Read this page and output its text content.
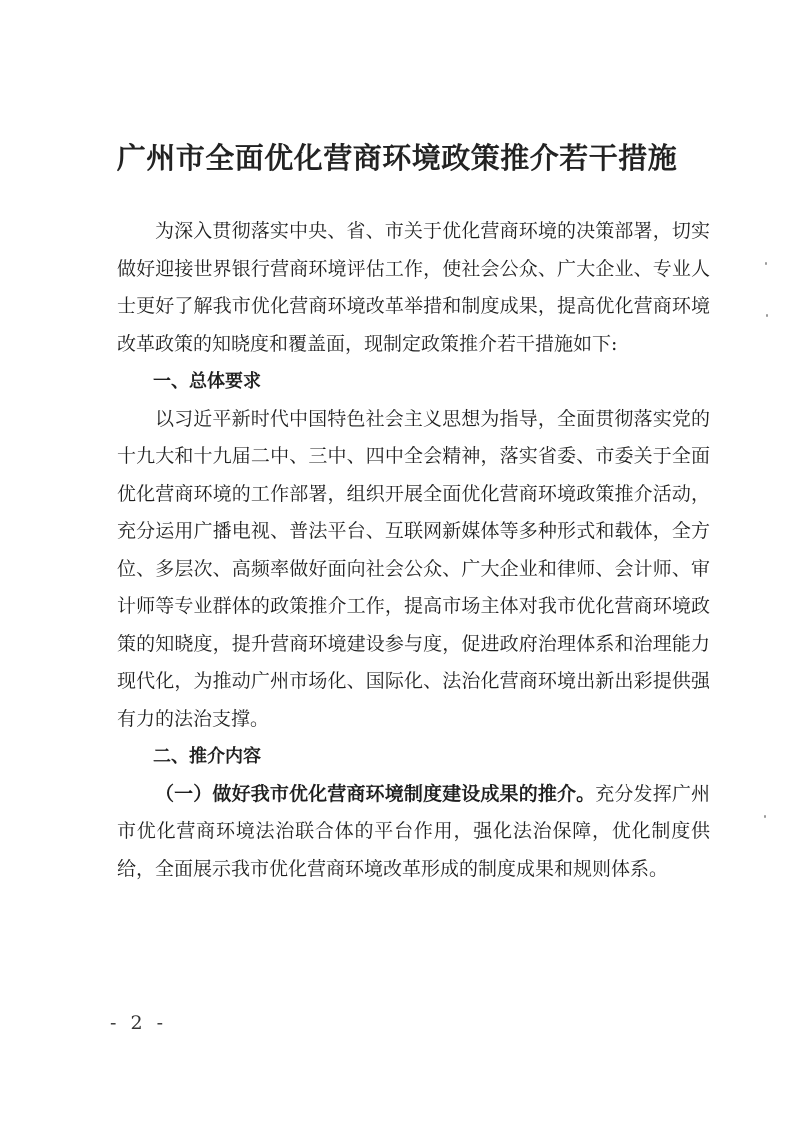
广州市全面优化营商环境政策推介若干措施

为深入贯彻落实中央、省、市关于优化营商环境的决策部署，切实做好迎接世界银行营商环境评估工作，使社会公众、广大企业、专业人士更好了解我市优化营商环境改革举措和制度成果，提高优化营商环境改革政策的知晓度和覆盖面，现制定政策推介若干措施如下:

一、总体要求

以习近平新时代中国特色社会主义思想为指导，全面贯彻落实党的十九大和十九届二中、三中、四中全会精神，落实省委、市委关于全面优化营商环境的工作部署，组织开展全面优化营商环境政策推介活动，充分运用广播电视、普法平台、互联网新媒体等多种形式和载体，全方位、多层次、高频率做好面向社会公众、广大企业和律师、会计师、审计师等专业群体的政策推介工作，提高市场主体对我市优化营商环境政策的知晓度，提升营商环境建设参与度，促进政府治理体系和治理能力现代化，为推动广州市场化、国际化、法治化营商环境出新出彩提供强有力的法治支撑。

二、推介内容

（一）做好我市优化营商环境制度建设成果的推介。充分发挥广州市优化营商环境法治联合体的平台作用，强化法治保障，优化制度供给，全面展示我市优化营商环境改革形成的制度成果和规则体系。

- 2 -
